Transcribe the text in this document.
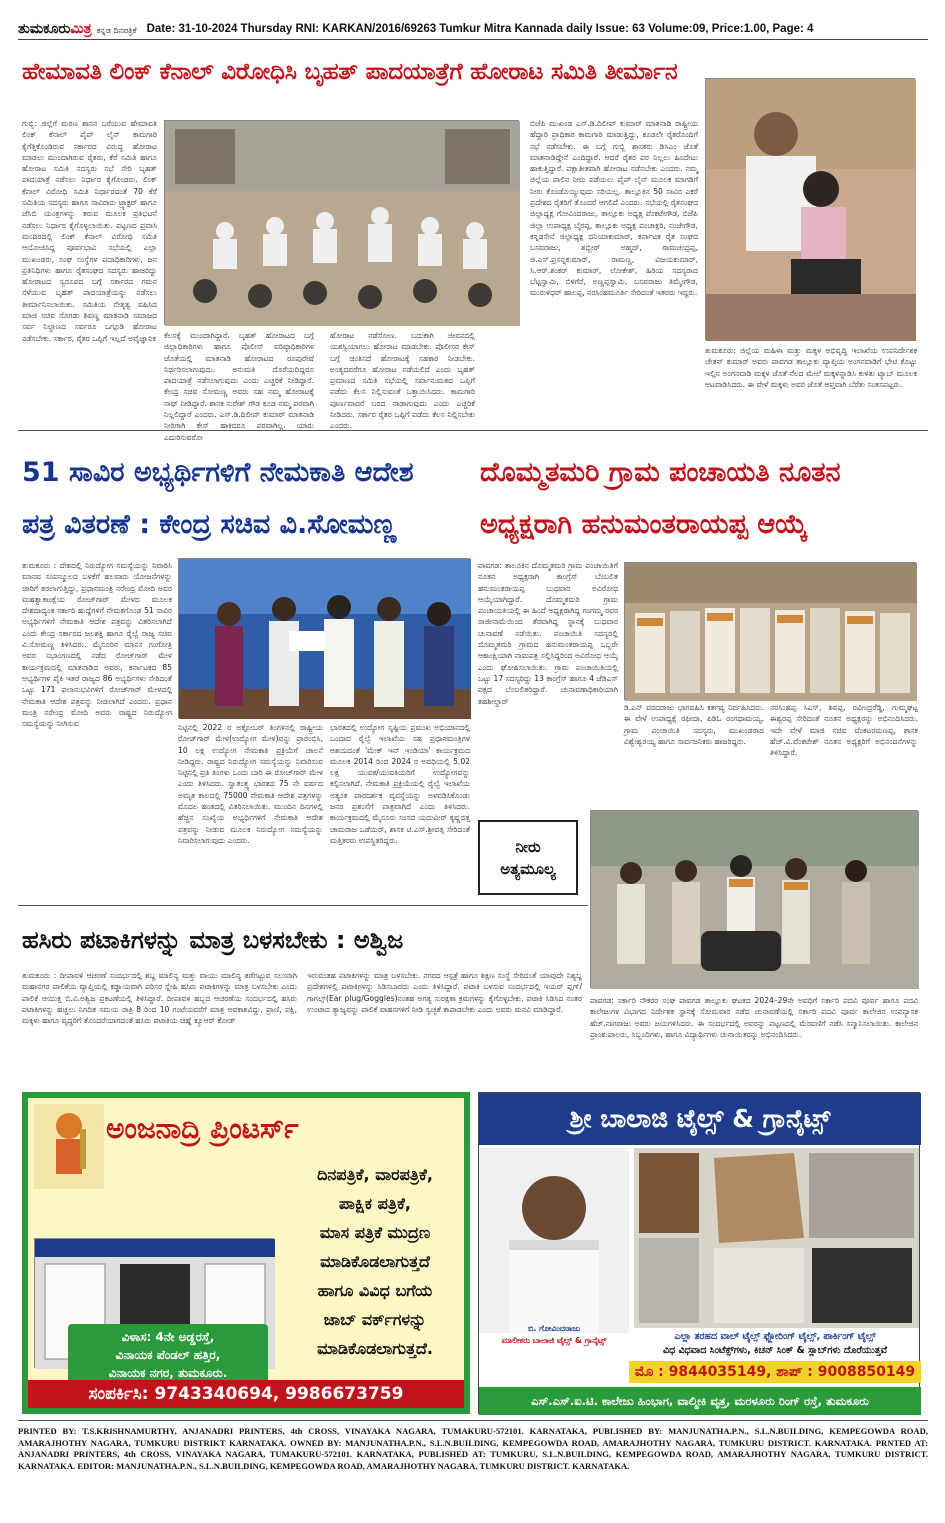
ತುಮಕೂರುಮಿತ್ರ ಕನ್ನಡ ದಿನಪತ್ರಿಕೆ Date: 31-10-2024 Thursday RNI: KARKAN/2016/69263 Tumkur Mitra Kannada daily Issue: 63 Volume:09, Price:1.00, Page: 4
ಹೇಮಾವತಿ ಲಿಂಕ್ ಕೆನಾಲ್ ವಿರೋಧಿಸಿ ಬೃಹತ್ ಪಾದಯಾತ್ರೆಗೆ ಹೋರಾಟ ಸಮಿತಿ ತೀರ್ಮಾನ
ಗುಬ್ಬಿ: ಜಿಲ್ಲೆಗೆ ಮರಣ ಶಾಸನ ಬರೆಯುವ ಹೇಮಾವತಿ ಲಿಂಕ್ ಕೆನಾಲ್ ಪೈಪ್ ಲೈನ್ ಕಾಮಗಾರಿ ಕೈಗೆತ್ತಿಕೊಂಡಿರುವ ಸರ್ಕಾರದ ವಿರುದ್ಧ ಹೋರಾಟ ಮಾಡಲು ಮುಂದಾಗಿರುವ ರೈತರು, ಕೆರೆ ಸಮಿತಿ ಹಾಗೂ ಹೋರಾಟ ಸಮಿತಿ ಸದಸ್ಯರು ಸಭೆ ಸೇರಿ ಬೃಹತ್ ಪಾದಯಾತ್ರೆ ನಡೆಸಲು ನಿರ್ಧಾರ ಕೈಗೊಂಡರು. ಲಿಂಕ್ ಕೆನಾಲ್ ವಿರೋಧಿ ಸಮಿತಿ ನಿರ್ಧಾರದಂತೆ 70 ಕೆರೆ ಸಮಿತಿಯ ಸದಸ್ಯರು ಹಾಗೂ ಸಾವಿರಾರು ಟ್ರ್ಯಾಕ್ಟರ್ ಹಾಗೂ ಜೆಸಿಬಿ ಯಂತ್ರಗಳನ್ನು ತರುವ ಮೂಲಕ ಪ್ರತಿಭಟನೆ ನಡೆಸಲು ನಿರ್ಧಾರ ಕೈಗೊಳ್ಳಲಾಯಿತು. ಪಟ್ಟಣದ ಪ್ರವಾಸಿ ಮಂದಿರದಲ್ಲಿ ಲಿಂಕ್ ಕೆನಾಲ್ ವಿರೋಧಿ ಸಮಿತಿ ಆಯೋಜಿಸಿದ್ದ ಪೂರ್ವಭಾವಿ ಸಭೆಯಲ್ಲಿ ಎಲ್ಲಾ ಮುಖಂಡರು, ಸಂಘ ಸಂಸ್ಥೆಗಳ ಪದಾಧಿಕಾರಿಗಳು, ಜನ ಪ್ರತಿನಿಧಿಗಳು ಹಾಗೂ ರೈತಸಂಘದ ಸದಸ್ಯರು ಹಾಜರಿದ್ದು ಹೋರಾಟದ ಸ್ವರೂಪದ ಬಗ್ಗೆ ಸರ್ಕಾರದ ಗಮನ ಸೆಳೆಯುವ ಬೃಹತ್ ಪಾದಯಾತ್ರೆಯನ್ನು ನಡೆಸಲು ತೀರ್ಮಾನಿಸಲಾಯಿತು. ಸಮಿತಿಯ ನೇತೃತ್ವ ವಹಿಸಿದ ಮಾಜಿ ಸಚಿವ ಸೊಗಡು ಶಿವಣ್ಣ ಮಾತನಾಡಿ ಸಮಾಜದ ಸರ್ವ ನಿಲ್ದಾಣದ ಸರ್ವರೂ ಒಗ್ಗೂಡಿ ಹೋರಾಟ ನಡೆಸಬೇಕು. ಸರ್ಕಾರ, ರೈತರ ಒಪ್ಪಿಗೆ ಇಲ್ಲದೆ ಅವೈಜ್ಞಾನಿಕ ಕೆಲಸಕ್ಕೆ ಮುಂದಾಗಿದ್ದಾರೆ. ಬೃಹತ್ ಹೋರಾಟದ ಬಗ್ಗೆ ಜಿಲ್ಲಾಧಿಕಾರಿಗಳು ಹಾಗೂ ಪೊಲೀಸ್ ವರಿಷ್ಠಾಧಿಕಾರಿಗಳ ಜೊತೆಯಲ್ಲಿ ಮಾತನಾಡಿ ಹೋರಾಟದ ರೂಪುರೇಷೆ ನಿರ್ಧರಿಸಲಾಗುವುದು. ಅನುಮತಿ ದೊರೆಯದಿದ್ದರೂ ಪಾದಯಾತ್ರೆ ನಡೆಸಲಾಗುವುದು ಎಂದು ಎಚ್ಚರಿಕೆ ನೀಡಿದ್ದಾರೆ. ಕೇಂದ್ರ ಸಚಿವ ಸೋಮಣ್ಣ ಅವರು ಸಹ ನಮ್ಮ ಹೋರಾಟಕ್ಕೆ ಸಾಥ್ ನೀಡಿದ್ದಾರೆ. ಶಾಸಕ ಸುರೇಶ್ ಗೌಡ ಕೂಡ ನಮ್ಮ ಪರವಾಗಿ ನಿಲ್ಲಲಿದ್ದಾರೆ ಎಂದರು. ಎಸ್.ಡಿ.ದಿಲೀಪ್ ಕುಮಾರ್ ಮಾತನಾಡಿ ನೀರಿಗಾಗಿ ಕೇಸ್ ಹಾಕಿದರೂ ಪರವಾಗಿಲ್ಲ. ಯಾರು ಎದುರಿಸುವರೋ
ಹೋರಾಟ ನಡೆಸೋಣ. ಬದುಕಾಗಿ ಜೀವನದಲ್ಲಿ ಯಶಸ್ವಿಯಾಗಲು ಹೋರಾಟ ಮಾಡಬೇಕು. ಪೊಲೀಸರ ಕೇಸ್ ಬಗ್ಗೆ ಚಿಂತಿಸದೆ ಹೋರಾಟಕ್ಕೆ ಸಹಕಾರ ನೀಡಬೇಕು. ಅಂತ್ಯದವರೆಗೂ ಹೋರಾಟ ನಡೆಯಲಿದೆ ಎಂದು ಬೃಹತ್ ಪ್ರಮಾಣದ ಸಮಿತಿ ಸಭೆಯಲ್ಲಿ ಸರ್ವಾನುಮತದ ಒಪ್ಪಿಗೆ ಪಡೆದು ಕೆಲಸ ನಿಲ್ಲಿಸುವಂತೆ ಒತ್ತಾಯಿಸಿದರು. ಕಾಮಗಾರಿ ಪೂರ್ಣವಾದರೆ ಬರದ ನಾಡಾಗುವುದು ಎಂದು ಎಚ್ಚರಿಕೆ ನೀಡಿದರು. ಸರ್ಕಾರ ರೈತರ ಒಪ್ಪಿಗೆ ಪಡೆದು ಕೆಲಸ ನಿಲ್ಲಿಸಬೇಕು ಎಂದರು.
ಬಿಜೆಪಿ ಮುಖಂಡ ಎಸ್.ಡಿ.ದಿಲೀಪ್ ಕುಮಾರ್ ಮಾತನಾಡಿ ರಾಷ್ಟ್ರೀಯ ಹೆದ್ದಾರಿ ಪ್ರಾಧಿಕಾರ ಕಾಮಗಾರಿ ಮಾಡುತ್ತಿದ್ದು, ಕೂಡಲೇ ರೈತರೊಂದಿಗೆ ಸಭೆ ನಡೆಸಬೇಕು. ಈ ಬಗ್ಗೆ ಗುಬ್ಬಿ ಶಾಸಕರು ಡಿಸಿಎಂ ಜೊತೆ ಮಾತನಾಡಿದ್ದೇನೆ ಎಂದಿದ್ದಾರೆ. ಆದರೆ ರೈತರ ಪರ ನಿಲ್ಲಲು ಹಿಂದೇಟು ಹಾಕುತ್ತಿದ್ದಾರೆ. ಪಕ್ಷಾತೀತವಾಗಿ ಹೋರಾಟ ನಡೆಸಬೇಕು ಎಂದರು. ನಮ್ಮ ಜಿಲ್ಲೆಯ ಪಾಲಿನ ನೀರು ಪಡೆಯಲು ಪೈಪ್ ಲೈನ್ ಮೂಲಕ ಮಾಗಡಿಗೆ ನೀರು ಕೊಂಡೊಯ್ಯುವುದು ಸರಿಯಲ್ಲ. ತಾಲ್ಲೂಕಿನ 50 ಸಾವಿರ ಎಕರೆ ಪ್ರದೇಶದ ರೈತರಿಗೆ ತೊಂದರೆ ಆಗಲಿದೆ ಎಂದರು. ಸಭೆಯಲ್ಲಿ ರೈತಸಂಘದ ಜಿಲ್ಲಾಧ್ಯಕ್ಷ ಗೋವಿಂದರಾಜು, ತಾಲ್ಲೂಕು ಅಧ್ಯಕ್ಷ ವೆಂಕಟೇಗೌಡ, ಬಿಜೆಪಿ ಜಿಲ್ಲಾ ಉಪಾಧ್ಯಕ್ಷ ಬೈರಪ್ಪ, ತಾಲ್ಲೂಕು ಅಧ್ಯಕ್ಷ ಪಂಚಾಕ್ಷರಿ, ನಂಜೇಗೌಡ, ಕನ್ನಡಸೇನೆ ಜಿಲ್ಲಾಧ್ಯಕ್ಷ ಧನಿಯಾಕುಮಾರ್, ಕರ್ನಾಟಕ ರೈತ ಸಂಘದ ಬಸವರಾಜು, ಶಬ್ಬೀರ್ ಅಹ್ಮದ್, ರಾಮಚಂದ್ರಪ್ಪ, ಜಿ.ಎಸ್.ಪ್ರಸನ್ನಕುಮಾರ್, ರಾಮಣ್ಣ, ವಿಜಯಕುಮಾರ್, ಸಿ.ಆರ್.ಶಂಕರ್ ಕುಮಾರ್, ಲೋಕೇಶ್, ಹಿರಿಯ ಸದಸ್ಯರಾದ ಬೆಟ್ಟಸ್ವಾಮಿ, ಬಿಳಿಗೆರೆ, ಅಣ್ಣಪ್ಪಸ್ವಾಮಿ, ಬಸವರಾಜು ತಿಮ್ಮೇಗೌಡ, ಮುರುಳಿಧರ್ ಹಾಲಪ್ಪ, ನರಸಿಂಹಮೂರ್ತಿ ಸೇರಿದಂತೆ ಇತರರು ಇದ್ದರು.
ತುಮಕೂರು: ಜಿಲ್ಲೆಯ ಮಹಿಳಾ ಮತ್ತು ಮಕ್ಕಳ ಅಭಿವೃದ್ಧಿ ಇಲಾಖೆಯ ಉಪನಿರ್ದೇಶಕ ಚೇತನ್ ಕುಮಾರ್ ಅವರು ಪಾವಗಡ ತಾಲ್ಲೂಕು ವ್ಯಾಪ್ತಿಯ ಅಂಗನವಾಡಿಗೆ ಭೇಟಿ ಕೊಟ್ಟು ಇಲ್ಲಿನ ಅಂಗನವಾಡಿ ಮಕ್ಕಳ ಜೊತೆ ನೆಲದ ಮೇಲೆ ಮಕ್ಕಳನ್ನಾಡಿಸಿ ಕುಳಿತು ಟ್ಯಾಬ್ ಮೂಲಕ ಆಟವಾಡಿಸಿದರು. ಈ ವೇಳೆ ಮಕ್ಕಳು ಅವರ ಜೊತೆ ಆಪ್ತವಾಗಿ ಬೆರೆತು ಸಂತಸಪಟ್ಟರು.
51 ಸಾವಿರ ಅಭ್ಯರ್ಥಿಗಳಿಗೆ ನೇಮಕಾತಿ ಆದೇಶ
ಪತ್ರ ವಿತರಣೆ : ಕೇಂದ್ರ ಸಚಿವ ವಿ.ಸೋಮಣ್ಣ
ತುಮಕೂರು : ದೇಶದಲ್ಲಿ ನಿರುದ್ಯೋಗ ಸಮಸ್ಯೆಯನ್ನು ನಿವಾರಿಸಿ ಮಾನವ ಸಂಪನ್ಮೂಲದ ಬಳಕೆಗೆ ಹಲವಾರು ಯೋಜನೆಗಳನ್ನು ಜಾರಿಗೆ ತರಲಾಗುತ್ತಿದ್ದು, ಪ್ರಧಾನಮಂತ್ರಿ ನರೇಂದ್ರ ಮೋದಿ ಅವರ ಮಹತ್ವಾಕಾಂಕ್ಷೆಯ ರೋಜ್‌ಗಾರ್ ಮೇಳದ ಮೂಲಕ ದೇಶದಾದ್ಯಂತ ಸರ್ಕಾರಿ ಹುದ್ದೆಗಳಿಗೆ ನೇಮಕಗೊಂಡ 51 ಸಾವಿರ ಅಭ್ಯರ್ಥಿಗಳಿಗೆ ನೇಮಕಾತಿ ಆದೇಶ ಪತ್ರವನ್ನು ವಿತರಿಸಲಾಗಿದೆ ಎಂದು ಕೇಂದ್ರ ಸರ್ಕಾರದ ಜಲಶಕ್ತಿ ಹಾಗೂ ರೈಲ್ವೆ ರಾಜ್ಯ ಸಚಿವ ವಿ.ಸೋಮಣ್ಣ ತಿಳಿಸಿದರು. ಮೈಸೂರಿನ ಮಾನಸ ಗಂಗೋತ್ರಿ ಅವರ ಸಭಾಂಗಣದಲ್ಲಿ ನಡೆದ ರೋಜ್‌ಗಾರ್ ಮೇಳ ಕಾರ್ಯಕ್ರಮದಲ್ಲಿ ಮಾತನಾಡಿದ ಅವರು, ಕರ್ನಾಟಕದ 85 ಅಭ್ಯರ್ಥಿಗಳ ಪೈಕಿ ಇತರೆ ರಾಜ್ಯದ 86 ಅಭ್ಯರ್ಥಿಗಳು ಸೇರಿದಂತೆ ಒಟ್ಟು 171 ಫಲಾನುಭವಿಗಳಿಗೆ ರೋಜ್‌ಗಾರ್ ಮೇಳದಲ್ಲಿ ನೇಮಕಾತಿ ಆದೇಶ ಪತ್ರವನ್ನು ನೀಡಲಾಗಿದೆ ಎಂದರು. ಪ್ರಧಾನ ಮಂತ್ರಿ ನರೇಂದ್ರ ಮೋದಿ ಅವರು ರಾಷ್ಟ್ರದ ನಿರುದ್ಯೋಗ ಸಮಸ್ಯೆಯನ್ನು ನೀಗಿಸುವ	ನಿಟ್ಟಿನಲ್ಲಿ 2022 ರ ಅಕ್ಟೋಬರ್ ತಿಂಗಳಿನಲ್ಲಿ ರಾಷ್ಟ್ರೀಯ ರೋಜ್‌ಗಾರ್ ಮೇಳ(ಉದ್ಯೋಗ ಮೇಳ)ವನ್ನು ಪ್ರಾರಂಭಿಸಿ, 10 ಲಕ್ಷ ಉದ್ಯೋಗ ನೇಮಕಾತಿ ಪ್ರಕ್ರಿಯೆಗೆ ಚಾಲನೆ ನೀಡಿದ್ದರು. ರಾಷ್ಟ್ರದ ನಿರುದ್ಯೋಗ ಸಮಸ್ಯೆಯನ್ನು ನಿವಾರಿಸುವ ನಿಟ್ಟಿನಲ್ಲಿ ಪ್ರತಿ ತಿಂಗಳು ಒಂದು ಬಾರಿ ಈ ರೋಜ್‌ಗಾರ್ ಮೇಳ ಎಂದು ತಿಳಿಸಿದರು. ಸ್ವಾತಂತ್ರ್ಯ ಭಾರತದ 75 ನೇ ವರ್ಷದ ಅಮೃತ ಕಾಲದಲ್ಲಿ 75000 ನೇಮಕಾತಿ ಆದೇಶ ಪತ್ರಗಳನ್ನು ಮೊದಲ ಹಂತದಲ್ಲಿ ವಿತರಿಸಲಾಯಿತು. ಮುಂದಿನ ದಿನಗಳಲ್ಲಿ ಹೆಚ್ಚಿನ ಸಂಖ್ಯೆಯ ಅಭ್ಯರ್ಥಿಗಳಿಗೆ ನೇಮಕಾತಿ ಆದೇಶ ಪತ್ರವನ್ನು ನೀಡುವ ಮೂಲಕ ನಿರುದ್ಯೋಗ ಸಮಸ್ಯೆಯನ್ನು ನಿವಾರಿಸಲಾಗುವುದು ಎಂದರು.
ಭಾರತದಲ್ಲಿ ಉದ್ಯೋಗ ಸೃಷ್ಟಿಯ ಪ್ರಮುಖ ಅಭಿಯಾನದಲ್ಲಿ ಒಂದಾದ ರೈಲ್ವೆ ಇಲಾಖೆಯ ಸಹ ಪ್ರಧಾನಮಂತ್ರಿಗಳ ಆಶಯದಂತೆ 'ಮೇಕ್ ಇನ್ ಇಂಡಿಯಾ' ಕಾರ್ಯಕ್ರಮದ ಮೂಲಕ 2014 ರಿಂದ 2024 ರ ಅವಧಿಯಲ್ಲಿ 5.02 ಲಕ್ಷ ಯುವಕ/ಯುವತಿಯರಿಗೆ ಉದ್ಯೋಗವನ್ನು ಕಲ್ಪಿಸಲಾಗಿದೆ. ನೇಮಕಾತಿ ಪ್ರಕ್ರಿಯೆಯಲ್ಲಿ ರೈಲ್ವೆ ಇಲಾಖೆಯ ಅತ್ಯಂತ ಪಾರದರ್ಶಕ ವ್ಯವಸ್ಥೆಯನ್ನು ಅಳವಡಿಸಿಕೊಂಡು ಜನರ ಪ್ರಶಂಸೆಗೆ ಪಾತ್ರವಾಗಿದೆ ಎಂದು ತಿಳಿಸಿದರು. ಕಾರ್ಯಕ್ರಮದಲ್ಲಿ ಮೈಸೂರು ಸಂಸದ ಯದುವೀರ್ ಕೃಷ್ಣದತ್ತ ಚಾಮರಾಜ ಒಡೆಯರ್, ಶಾಸಕ ಟಿ.ಎಸ್.ಶ್ರೀವತ್ಸ ಸೇರಿದಂತೆ ಮತ್ತಿತರರು ಉಪಸ್ಥಿತರಿದ್ದರು.
ದೊಮ್ಮತಮರಿ ಗ್ರಾಮ ಪಂಚಾಯತಿ ನೂತನ
ಅಧ್ಯಕ್ಷರಾಗಿ ಹನುಮಂತರಾಯಪ್ಪ ಆಯ್ಕೆ
ಪಾವಗಡ: ತಾಲೂಕಿನ ದೊಮ್ಮತಮರಿ ಗ್ರಾಮ ಪಂಚಾಯಿತಿಗೆ ನೂತನ ಅಧ್ಯಕ್ಷರಾಗಿ ಕಾಂಗ್ರೆಸ್ ಬೆಂಬಲಿತ ಹನುಮಂತರಾಯಪ್ಪ ಬುಧವಾರ ಅವಿರೋಧ ಆಯ್ಕೆಯಾಗಿದ್ದಾರೆ. ದೊಮ್ಮತಮರಿ ಗ್ರಾಮ ಪಂಚಾಯತಿಯಲ್ಲಿ ಈ ಹಿಂದೆ ಅಧ್ಯಕ್ಷರಾಗಿದ್ದ ಗಂಗಮ್ಮ ರವರ ರಾಜೀನಾಮೆಯಿಂದ ತೆರವಾಗಿದ್ದ ಸ್ಥಾನಕ್ಕೆ ಬುಧವಾರ ಚುನಾವಣೆ ನಡೆಯಿತು. ಪಂಚಾಯಿತಿ ಸದಸ್ಯರಲ್ಲಿ ದೊಮ್ಮತಮರಿ ಗ್ರಾಮದ ಹನುಮಂತರಾಯಪ್ಪ ಒಬ್ಬರೇ ಆಕಾಂಕ್ಷಿಯಾಗಿ ನಾಮಪತ್ರ ಸಲ್ಲಿಸಿದ್ದರಿಂದ ಅವಿರೋಧ ಆಯ್ಕೆ ಎಂದು ಘೋಷಿಸಲಾಯಿತು. ಗ್ರಾಮ ಪಂಚಾಯಿತಿಯಲ್ಲಿ ಒಟ್ಟು 17 ಸದಸ್ಯರಿದ್ದು 13 ಕಾಂಗ್ರೆಸ್ ಹಾಗೂ 4 ಜೆಡಿಎಸ್ ಪಕ್ಷದ ಬೆಂಬಲಿತರಿದ್ದಾರೆ. ಚುನಾವಣಾಧಿಕಾರಿಯಾಗಿ ತಹಶೀಲ್ದಾರ್
ಡಿ.ಎನ್ ವರದರಾಜು ಭಾಗವಹಿಸಿ ಕರ್ತವ್ಯ ನಿರ್ವಹಿಸಿದರು. ಈ ವೇಳೆ ಉಪಾಧ್ಯಕ್ಷೆ ರಫೀದಾ, ಪಿಡಿಓ ರಂಗಧಾಮಯ್ಯ, ಗ್ರಾಮ ಪಂಚಾಯಿತಿ ಸದಸ್ಯರು, ಮುಖಂಡರಾದ ವಿಶ್ವೇಶ್ವರಯ್ಯ ಹಾಗೂ ಸಾರ್ವಜನಿಕರು ಹಾಜರಿದ್ದರು.
ನರಸಿಂಹಪ್ಪ ಸಿಎಸ್, ಶಿವಪ್ಪ, ರವೀಂದ್ರರೆಡ್ಡಿ, ಗುಮ್ಮಘಟ್ಟ ಈಶ್ವರಪ್ಪ ಸೇರಿದಂತೆ ನೂತನ ಅಧ್ಯಕ್ಷರನ್ನು ಅಭಿನಂದಿಸಿದರು. ಇದೇ ವೇಳೆ ಮಾಜಿ ಸಚಿವ ವೆಂಕಟರಮಣಪ್ಪ, ಶಾಸಕ ಹೆಚ್.ವಿ.ವೆಂಕಟೇಶ್ ನೂತನ ಅಧ್ಯಕ್ಷರಿಗೆ ಅಭಿನಂದನೆಗಳನ್ನು ತಿಳಿಸಿದ್ದಾರೆ.
ನೀರು
ಅತ್ಯಮೂಲ್ಯ
ಹಸಿರು ಪಟಾಕಿಗಳನ್ನು ಮಾತ್ರ ಬಳಸಬೇಕು : ಅಶ್ವಿಜ
ತುಮಕೂರು : ದೀಪಾವಳಿ ಆಚರಣೆ ಸಂದರ್ಭದಲ್ಲಿ ಶಬ್ದ ಮಾಲಿನ್ಯ ಮತ್ತು ವಾಯು ಮಾಲಿನ್ಯ ತಡೆಗಟ್ಟುವ ಸಲುವಾಗಿ ಮಹಾನಗರ ಪಾಲಿಕೆಯ ವ್ಯಾಪ್ತಿಯಲ್ಲಿ ಕಡ್ಡಾಯವಾಗಿ ಪರಿಸರ ಸ್ನೇಹಿ ಹಸಿರು ಪಟಾಕಿಗಳನ್ನು ಮಾತ್ರ ಬಳಸಬೇಕು ಎಂದು ಪಾಲಿಕೆ ಆಯುಕ್ತ ಬಿ.ವಿ.ಅಶ್ವಿಜ ಪ್ರಕಟಣೆಯಲ್ಲಿ ತಿಳಿಸಿದ್ದಾರೆ. ದೀಪಾವಳಿ ಹಬ್ಬದ ಆಚರಣೆಯ ಸಂದರ್ಭದಲ್ಲಿ ಹಸಿರು ಪಟಾಕಿಗಳನ್ನು ಹಚ್ಚಲು ನಿಗದಿತ ಸಮಯ ರಾತ್ರಿ 8 ರಿಂದ 10 ಗಂಟೆಯವರೆಗೆ ಮಾತ್ರ ಅವಕಾಶವಿದ್ದು, ಪ್ರಾಣಿ, ಪಕ್ಷಿ, ಮಕ್ಕಳು ಹಾಗೂ ವೃದ್ಧರಿಗೆ ತೊಂದರೆಯಾಗದಂತೆ ಹಸಿರು ಪಟಾಕಿಯ ಚಿಹ್ನೆ ಕ್ಯೂಆರ್ ಕೋಡ್
ಇರುವಂತಹ ಪಟಾಕಿಗಳನ್ನು ಮಾತ್ರ ಬಳಸಬೇಕು. ನಗರದ ಆಸ್ಪತ್ರೆ ಹಾಗೂ ಶಿಕ್ಷಣ ಸಂಸ್ಥೆ ಸೇರಿದಂತೆ ಯಾವುದೇ ನಿಶ್ಯಬ್ದ ಪ್ರದೇಶಗಳಲ್ಲಿ ಪಟಾಕಿಗಳನ್ನು ಸಿಡಿಸಬಾರದು ಎಂದು ತಿಳಿಸಿದ್ದಾರೆ. ಪಟಾಕಿ ಬಳಸುವ ಸಂದರ್ಭದಲ್ಲಿ ಇಯರ್ ಪ್ಲಗ್/ಗಾಗಲ್ಸ್(Ear plug/Goggles)ನಂತಹ ಅಗತ್ಯ ಸುರಕ್ಷತಾ ಕ್ರಮಗಳನ್ನು ಕೈಗೊಳ್ಳಬೇಕು. ಪಟಾಕಿ ಸಿಡಿಸಿದ ನಂತರ ಉಂಟಾದ ತ್ಯಾಜ್ಯವನ್ನು ಪಾಲಿಕೆ ವಾಹನಗಳಿಗೆ ನೀಡಿ ಸ್ವಚ್ಛತೆ ಕಾಪಾಡಬೇಕು ಎಂದು ಅವರು ಮನವಿ ಮಾಡಿದ್ದಾರೆ.
ಪಾವಗಡ: ಸರ್ಕಾರಿ ನೌಕರರ ಸಂಘ ಪಾವಗಡ ತಾಲ್ಲೂಕು ಘಟಕದ 2024–29ನೇ ಅವಧಿಗೆ ಸರ್ಕಾರಿ ಪದವಿ ಪೂರ್ವ ಹಾಗೂ ಪದವಿ ಕಾಲೇಜುಗಳ ವಿಭಾಗದ ನಿರ್ದೇಶಕ ಸ್ಥಾನಕ್ಕೆ ಸೋಮವಾರ ನಡೆದ ಚುನಾವಣೆಯಲ್ಲಿ ಸರ್ಕಾರಿ ಪದವಿ ಪೂರ್ವ ಕಾಲೇಜಿನ ಉಪನ್ಯಾಸಕ ಹೆಚ್.ನಾಗರಾಜು ಅವರು ಜಯಗಳಿಸಿದರು. ಈ ಸಂದರ್ಭದಲ್ಲಿ ಅವರನ್ನು ಪಟ್ಟಣದಲ್ಲಿ ಮೆರವಣಿಗೆ ನಡೆಸಿ ಸನ್ಮಾನಿಸಲಾಯಿತು. ಕಾಲೇಜಿನ ಪ್ರಾಂಶುಪಾಲರು, ಸಿಬ್ಬಂದಿಗಳು, ಹಾಗೂ ವಿದ್ಯಾರ್ಥಿಗಳು ಚುನಾಯಿತರನ್ನು ಅಭಿನಂದಿಸಿದರು.
ಅಂಜನಾದ್ರಿ ಪ್ರಿಂಟರ್ಸ್
ದಿನಪತ್ರಿಕೆ, ವಾರಪತ್ರಿಕೆ,
ಪಾಕ್ಷಿಕ ಪತ್ರಿಕೆ,
ಮಾಸ ಪತ್ರಿಕೆ ಮುದ್ರಣ
ಮಾಡಿಕೊಡಲಾಗುತ್ತದೆ
ಹಾಗೂ ವಿವಿಧ ಬಗೆಯ
ಜಾಬ್ ವರ್ಕ್‌ಗಳನ್ನು
ಮಾಡಿಕೊಡಲಾಗುತ್ತದೆ.
ವಿಳಾಸ: 4ನೇ ಅಡ್ಡರಸ್ತೆ,
ವಿನಾಯಕ ಪೆಂಡಲ್ ಹತ್ತಿರ,
ವಿನಾಯಕ ನಗರ, ತುಮಕೂರು.
ಸಂಪರ್ಕಿಸಿ: 9743340694, 9986673759
ಶ್ರೀ ಬಾಲಾಜಿ ಟೈಲ್ಸ್ & ಗ್ರಾನೈಟ್ಸ್
ಬಿ. ಗೋವಿಂದರಾಜು
ಮಾಲೀಕರು ಬಾಲಾಜಿ ಟೈಲ್ಸ್ & ಗ್ರಾನೈಟ್ಸ್	ಎಲ್ಲಾ ತರಹದ ವಾಲ್ ಟೈಲ್ಸ್ ಫ್ಲೋರಿಂಗ್ ಟೈಲ್ಸ್, ಪಾರ್ಕಿಂಗ್ ಟೈಲ್ಸ್
ವಿಧ ವಿಧವಾದ ಸಿಂಟೆಕ್ಸ್‌ಗಳು, ಕಿಚನ್ ಸಿಂಕ್ & ಸ್ಲಾಬ್‌ಗಳು ದೊರೆಯುತ್ತವೆ
ಮೊ : 9844035149, ಶಾಪ್ : 9008850149
ಎಸ್.ಎಸ್.ಐ.ಟಿ. ಕಾಲೇಜು ಹಿಂಭಾಗ, ವಾಲ್ಮೀಕಿ ವೃತ್ತ, ಮರಳೂರು ರಿಂಗ್ ರಸ್ತೆ, ತುಮಕೂರು
PRINTED BY: T.S.KRISHNAMURTHY, ANJANADRI PRINTERS, 4th CROSS, VINAYAKA NAGARA, TUMAKURU-572101. KARNATAKA, PUBLISHED BY: MANJUNATHA.P.N., S.L.N.BUILDING, KEMPEGOWDA ROAD, AMARAJHOTHY NAGARA, TUMKURU DISTRIKT KARNATAKA. OWNED BY: MANJUNATHA.P.N., S.L.N.BUILDING, KEMPEGOWDA ROAD, AMARAJHOTHY NAGARA, TUMKURU DISTRICT. KARNATAKA. PRNTED AT: ANJANADRI PRINTERS, 4th CROSS, VINAYAKA NAGARA, TUMAKURU-572101. KARNATAKA, PUBLISHED AT: TUMKURU, S.L.N.BUILDING, KEMPEGOWDA ROAD, AMARAJHOTHY NAGARA, TUMKURU DISTRICT. KARNATAKA. EDITOR: MANJUNATHA.P.N., S.L.N.BUILDING, KEMPEGOWDA ROAD, AMARAJHOTHY NAGARA, TUMKURU DISTRICT. KARNATAKA.
